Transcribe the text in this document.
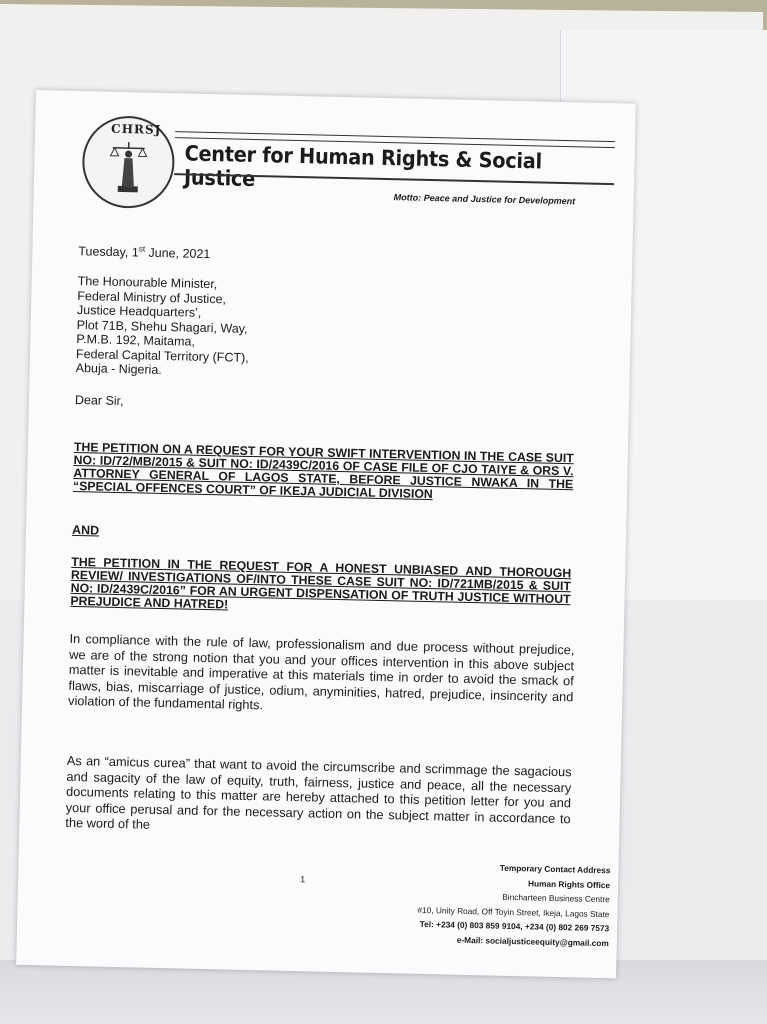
CHRSJ
Center for Human Rights & Social Justice
Motto: Peace and Justice for Development
Tuesday, 1st June, 2021
The Honourable Minister,
Federal Ministry of Justice,
Justice Headquarters’,
Plot 71B, Shehu Shagari, Way,
P.M.B. 192, Maitama,
Federal Capital Territory (FCT),
Abuja - Nigeria.
Dear Sir,
THE PETITION ON A REQUEST FOR YOUR SWIFT INTERVENTION IN THE CASE SUIT NO: ID/72/MB/2015 & SUIT NO: ID/2439C/2016 OF CASE FILE OF CJO TAIYE & ORS V. ATTORNEY GENERAL OF LAGOS STATE, BEFORE JUSTICE NWAKA IN THE “SPECIAL OFFENCES COURT” OF IKEJA JUDICIAL DIVISION
AND
THE PETITION IN THE REQUEST FOR A HONEST UNBIASED AND THOROUGH REVIEW/ INVESTIGATIONS OF/INTO THESE CASE SUIT NO: ID/721MB/2015 & SUIT NO: ID/2439C/2016” FOR AN URGENT DISPENSATION OF TRUTH JUSTICE WITHOUT PREJUDICE AND HATRED!
In compliance with the rule of law, professionalism and due process without prejudice, we are of the strong notion that you and your offices intervention in this above subject matter is inevitable and imperative at this materials time in order to avoid the smack of flaws, bias, miscarriage of justice, odium, anyminities, hatred, prejudice, insincerity and violation of the fundamental rights.
As an “amicus curea” that want to avoid the circumscribe and scrimmage the sagacious and sagacity of the law of equity, truth, fairness, justice and peace, all the necessary documents relating to this matter are hereby attached to this petition letter for you and your office perusal and for the necessary action on the subject matter in accordance to the word of the
1
Temporary Contact Address
Human Rights Office
Bincharteen Business Centre
#10, Unity Road, Off Toyin Street, Ikeja, Lagos State
Tel: +234 (0) 803 859 9104, +234 (0) 802 269 7573
e-Mail: socialjusticeequity@gmail.com
